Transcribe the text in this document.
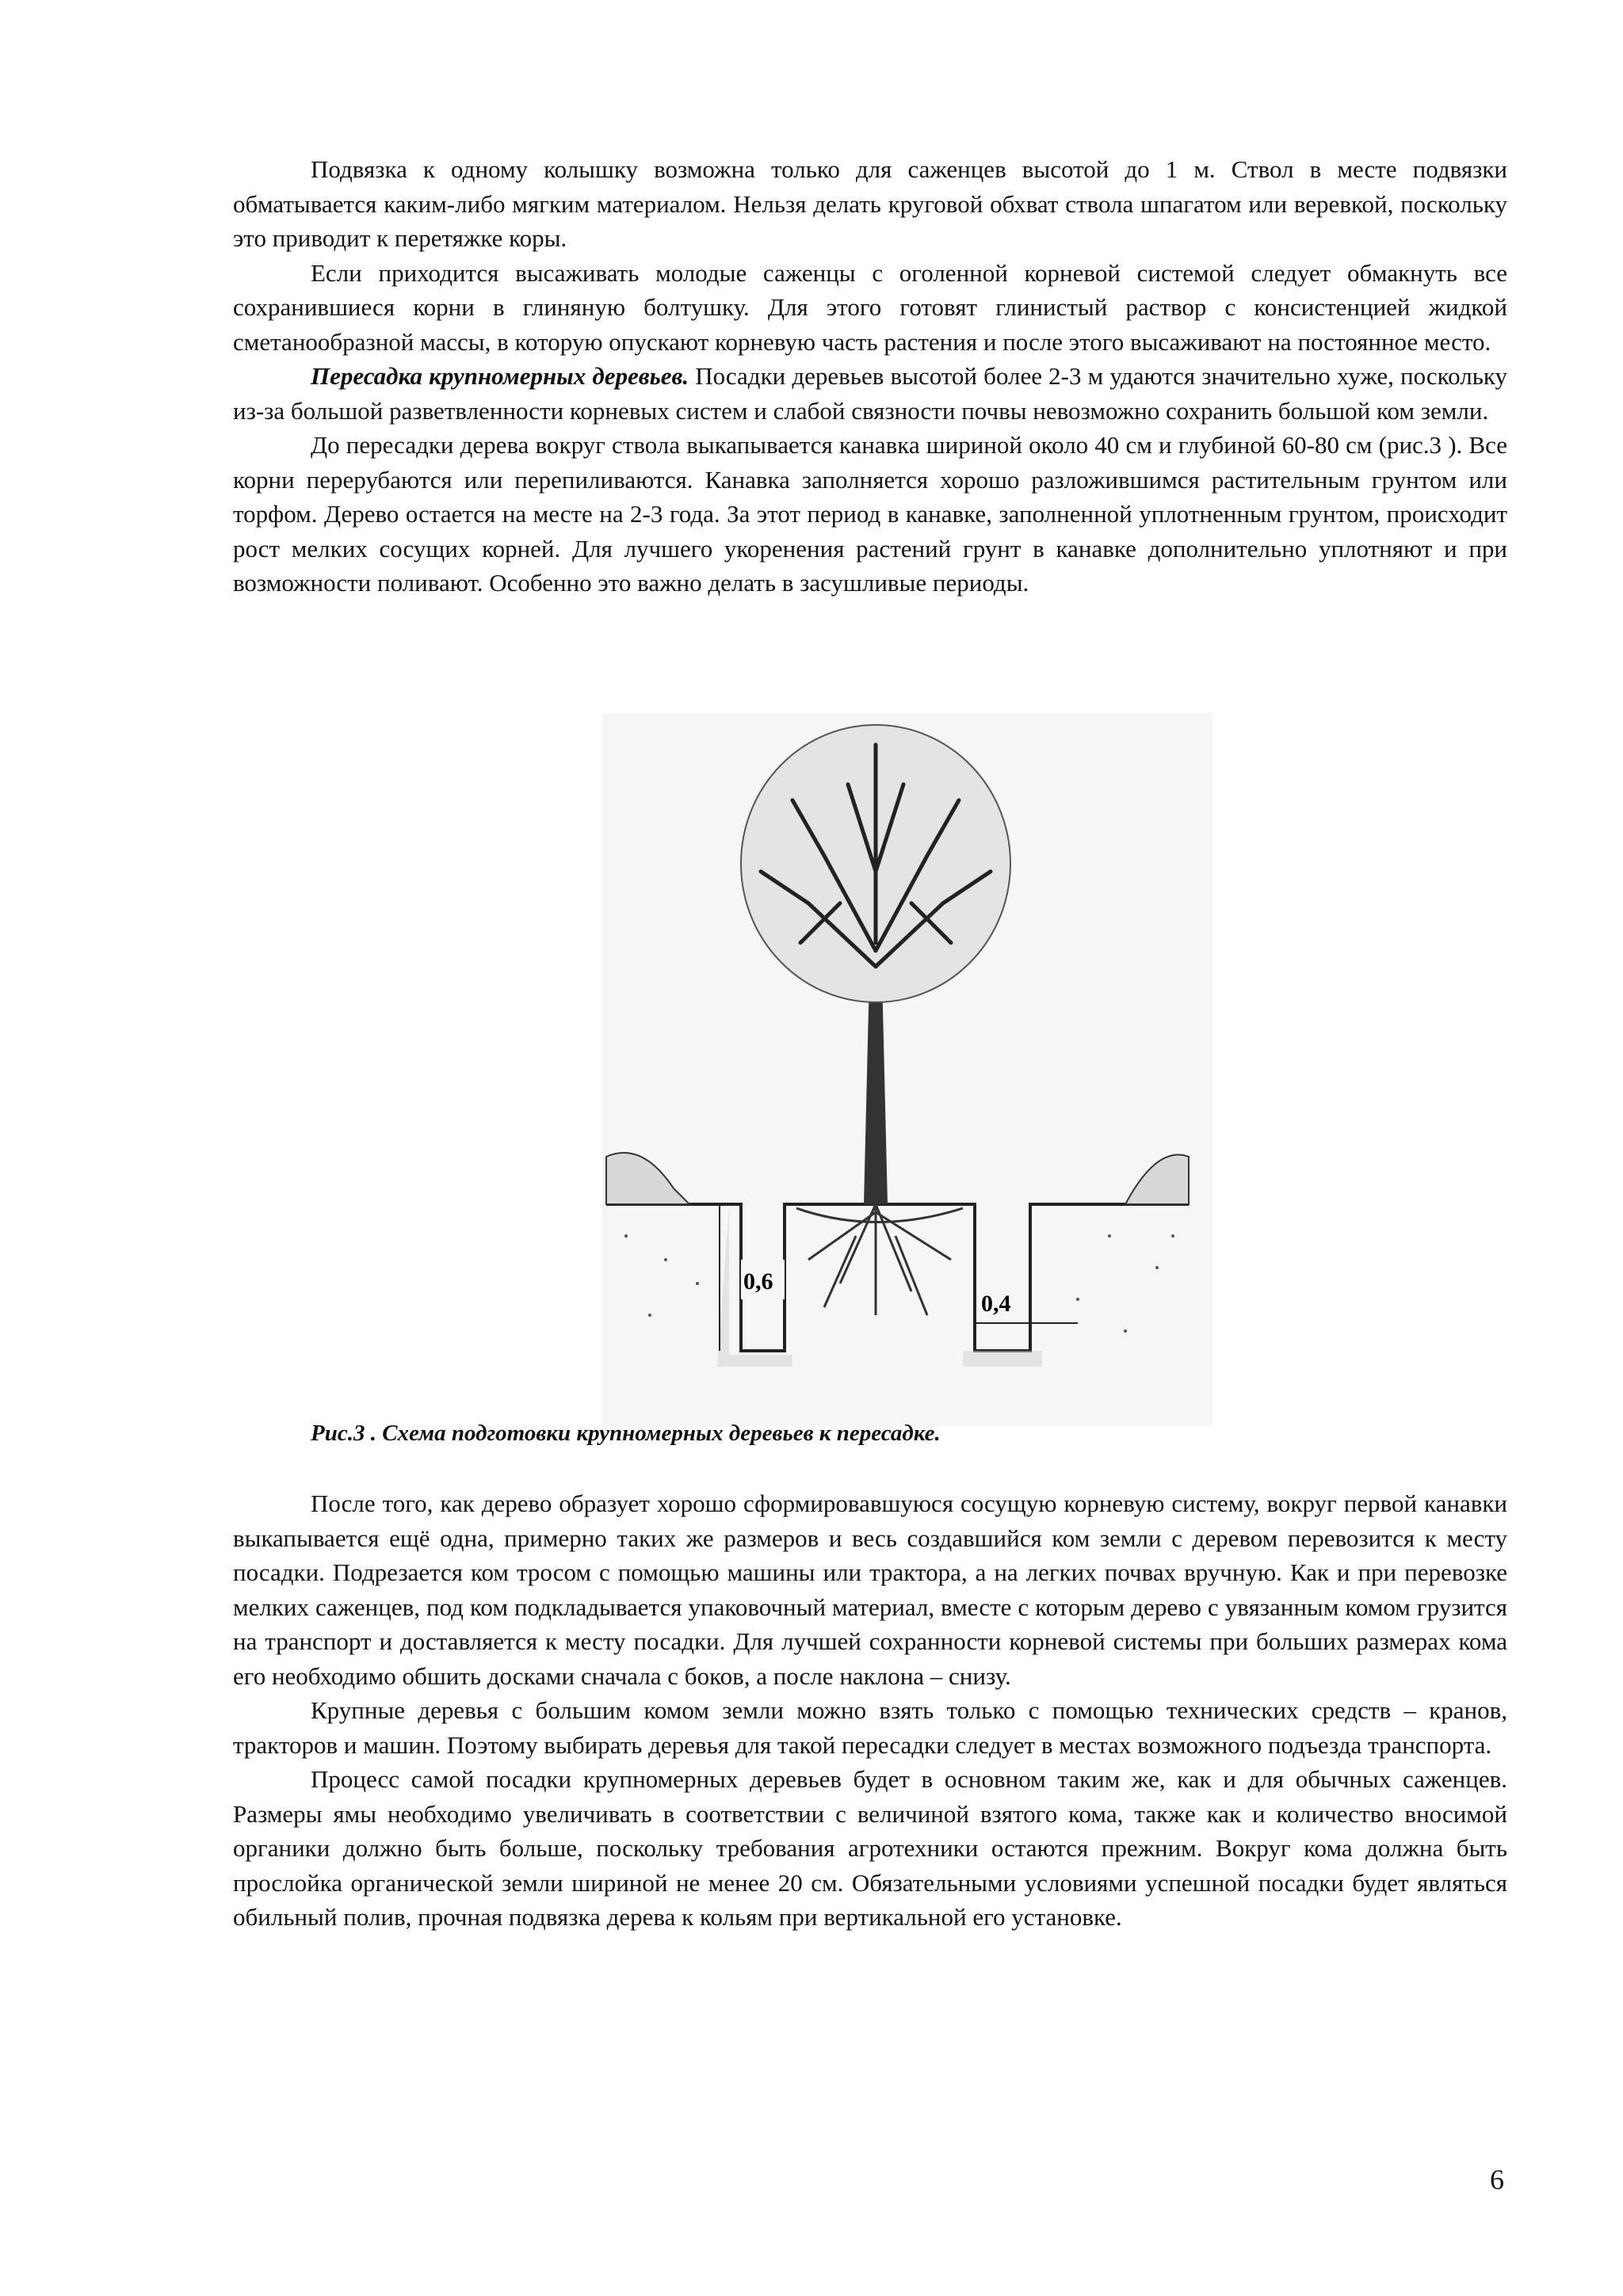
Подвязка к одному колышку возможна только для саженцев высотой до 1 м. Ствол в месте подвязки обматывается каким-либо мягким материалом. Нельзя делать круговой обхват ствола шпагатом или веревкой, поскольку это приводит к перетяжке коры.

Если приходится высаживать молодые саженцы с оголенной корневой системой следует обмакнуть все сохранившиеся корни в глиняную болтушку. Для этого готовят глинистый раствор с консистенцией жидкой сметанообразной массы, в которую опускают корневую часть растения и после этого высаживают на постоянное место.

Пересадка крупномерных деревьев. Посадки деревьев высотой более 2-3 м удаются значительно хуже, поскольку из-за большой разветвленности корневых систем и слабой связности почвы невозможно сохранить большой ком земли.

До пересадки дерева вокруг ствола выкапывается канавка шириной около 40 см и глубиной 60-80 см (рис.3 ). Все корни перерубаются или перепиливаются. Канавка заполняется хорошо разложившимся растительным грунтом или торфом. Дерево остается на месте на 2-3 года. За этот период в канавке, заполненной уплотненным грунтом, происходит рост мелких сосущих корней. Для лучшего укоренения растений грунт в канавке дополнительно уплотняют и при возможности поливают. Особенно это важно делать в засушливые периоды.

0,6
0,4
Рис.3 . Схема подготовки крупномерных деревьев к пересадке.

После того, как дерево образует хорошо сформировавшуюся сосущую корневую систему, вокруг первой канавки выкапывается ещё одна, примерно таких же размеров и весь создавшийся ком земли с деревом перевозится к месту посадки. Подрезается ком тросом с помощью машины или трактора, а на легких почвах вручную. Как и при перевозке мелких саженцев, под ком подкладывается упаковочный материал, вместе с которым дерево с увязанным комом грузится на транспорт и доставляется к месту посадки. Для лучшей сохранности корневой системы при больших размерах кома его необходимо обшить досками сначала с боков, а после наклона – снизу.

Крупные деревья с большим комом земли можно взять только с помощью технических средств – кранов, тракторов и машин. Поэтому выбирать деревья для такой пересадки следует в местах возможного подъезда транспорта.

Процесс самой посадки крупномерных деревьев будет в основном таким же, как и для обычных саженцев. Размеры ямы необходимо увеличивать в соответствии с величиной взятого кома, также как и количество вносимой органики должно быть больше, поскольку требования агротехники остаются прежним. Вокруг кома должна быть прослойка органической земли шириной не менее 20 см. Обязательными условиями успешной посадки будет являться обильный полив, прочная подвязка дерева к кольям при вертикальной его установке.

6
